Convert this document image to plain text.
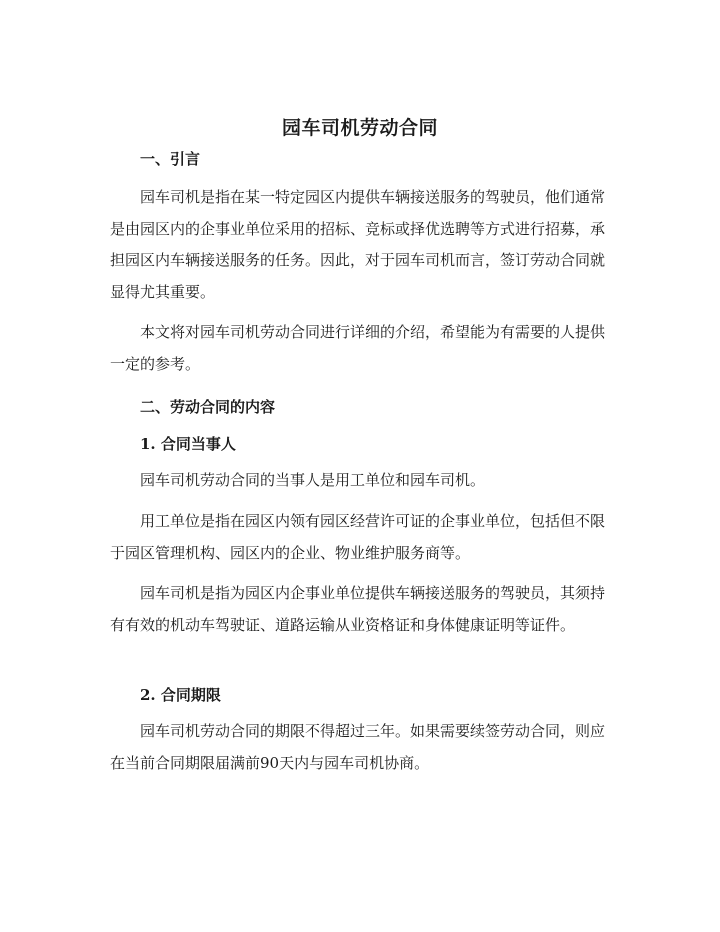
园车司机劳动合同
一、引言

园车司机是指在某一特定园区内提供车辆接送服务的驾驶员，他们通常是由园区内的企事业单位采用的招标、竞标或择优选聘等方式进行招募，承担园区内车辆接送服务的任务。因此，对于园车司机而言，签订劳动合同就显得尤其重要。

本文将对园车司机劳动合同进行详细的介绍，希望能为有需要的人提供一定的参考。

二、劳动合同的内容
1. 合同当事人

园车司机劳动合同的当事人是用工单位和园车司机。

用工单位是指在园区内领有园区经营许可证的企事业单位，包括但不限于园区管理机构、园区内的企业、物业维护服务商等。

园车司机是指为园区内企事业单位提供车辆接送服务的驾驶员，其须持有有效的机动车驾驶证、道路运输从业资格证和身体健康证明等证件。

2. 合同期限

园车司机劳动合同的期限不得超过三年。如果需要续签劳动合同，则应在当前合同期限届满前90天内与园车司机协商。
